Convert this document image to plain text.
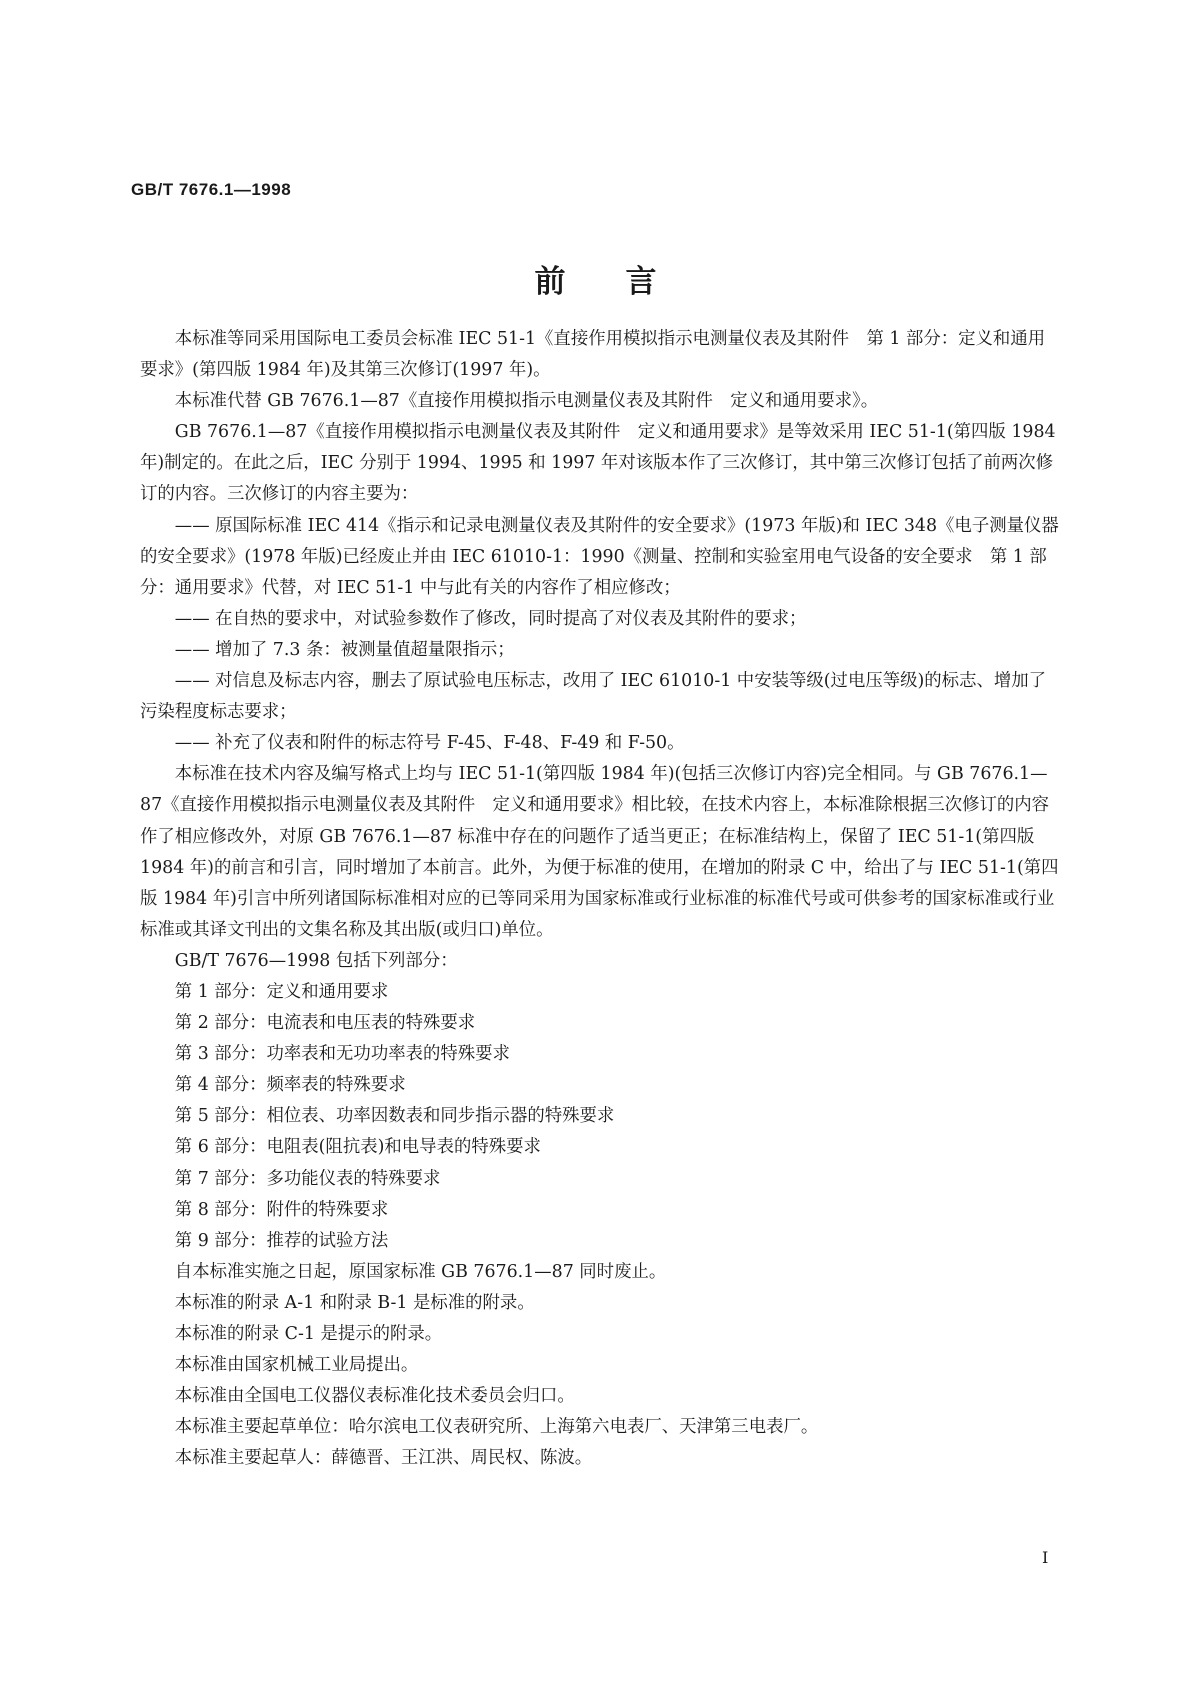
GB/T 7676.1—1998
前言

本标准等同采用国际电工委员会标准 IEC 51-1《直接作用模拟指示电测量仪表及其附件　第 1 部分：定义和通用要求》(第四版 1984 年)及其第三次修订(1997 年)。

本标准代替 GB 7676.1—87《直接作用模拟指示电测量仪表及其附件　定义和通用要求》。

GB 7676.1—87《直接作用模拟指示电测量仪表及其附件　定义和通用要求》是等效采用 IEC 51-1(第四版 1984 年)制定的。在此之后，IEC 分别于 1994、1995 和 1997 年对该版本作了三次修订，其中第三次修订包括了前两次修订的内容。三次修订的内容主要为：

—— 原国际标准 IEC 414《指示和记录电测量仪表及其附件的安全要求》(1973 年版)和 IEC 348《电子测量仪器的安全要求》(1978 年版)已经废止并由 IEC 61010-1：1990《测量、控制和实验室用电气设备的安全要求　第 1 部分：通用要求》代替，对 IEC 51-1 中与此有关的内容作了相应修改；

—— 在自热的要求中，对试验参数作了修改，同时提高了对仪表及其附件的要求；

—— 增加了 7.3 条：被测量值超量限指示；

—— 对信息及标志内容，删去了原试验电压标志，改用了 IEC 61010-1 中安装等级(过电压等级)的标志、增加了污染程度标志要求；

—— 补充了仪表和附件的标志符号 F-45、F-48、F-49 和 F-50。

本标准在技术内容及编写格式上均与 IEC 51-1(第四版 1984 年)(包括三次修订内容)完全相同。与 GB 7676.1—87《直接作用模拟指示电测量仪表及其附件　定义和通用要求》相比较，在技术内容上，本标准除根据三次修订的内容作了相应修改外，对原 GB 7676.1—87 标准中存在的问题作了适当更正；在标准结构上，保留了 IEC 51-1(第四版 1984 年)的前言和引言，同时增加了本前言。此外，为便于标准的使用，在增加的附录 C 中，给出了与 IEC 51-1(第四版 1984 年)引言中所列诸国际标准相对应的已等同采用为国家标准或行业标准的标准代号或可供参考的国家标准或行业标准或其译文刊出的文集名称及其出版(或归口)单位。

GB/T 7676—1998 包括下列部分：

第 1 部分：定义和通用要求

第 2 部分：电流表和电压表的特殊要求

第 3 部分：功率表和无功功率表的特殊要求

第 4 部分：频率表的特殊要求

第 5 部分：相位表、功率因数表和同步指示器的特殊要求

第 6 部分：电阻表(阻抗表)和电导表的特殊要求

第 7 部分：多功能仪表的特殊要求

第 8 部分：附件的特殊要求

第 9 部分：推荐的试验方法

自本标准实施之日起，原国家标准 GB 7676.1—87 同时废止。

本标准的附录 A-1 和附录 B-1 是标准的附录。

本标准的附录 C-1 是提示的附录。

本标准由国家机械工业局提出。

本标准由全国电工仪器仪表标准化技术委员会归口。

本标准主要起草单位：哈尔滨电工仪表研究所、上海第六电表厂、天津第三电表厂。

本标准主要起草人：薛德晋、王江洪、周民权、陈波。

I
